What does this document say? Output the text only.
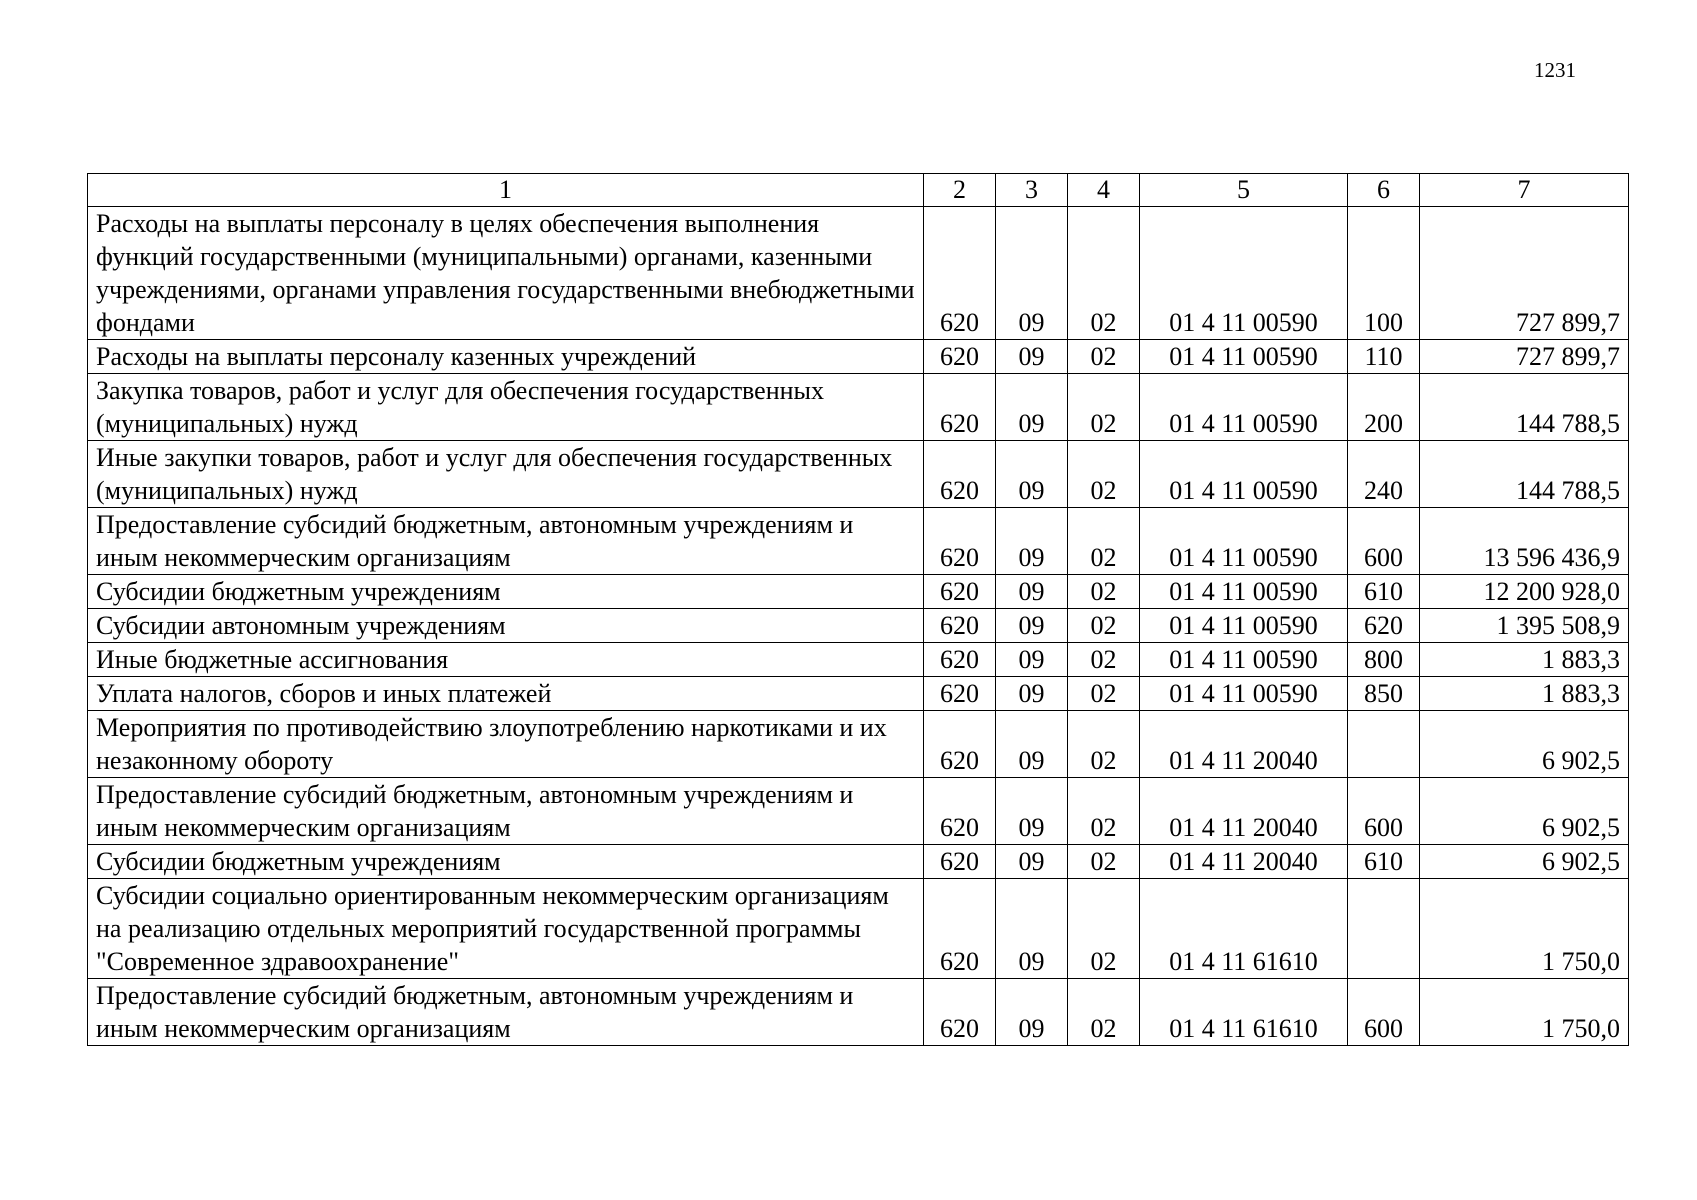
1231
1	2	3	4	5	6	7
Расходы на выплаты персоналу в целях обеспечения выполнения функций государственными (муниципальными) органами, казенными учреждениями, органами управления государственными внебюджетными фондами	620	09	02	01 4 11 00590	100	727 899,7
Расходы на выплаты персоналу казенных учреждений	620	09	02	01 4 11 00590	110	727 899,7
Закупка товаров, работ и услуг для обеспечения государственных (муниципальных) нужд	620	09	02	01 4 11 00590	200	144 788,5
Иные закупки товаров, работ и услуг для обеспечения государственных (муниципальных) нужд	620	09	02	01 4 11 00590	240	144 788,5
Предоставление субсидий бюджетным, автономным учреждениям и иным некоммерческим организациям	620	09	02	01 4 11 00590	600	13 596 436,9
Субсидии бюджетным учреждениям	620	09	02	01 4 11 00590	610	12 200 928,0
Субсидии автономным учреждениям	620	09	02	01 4 11 00590	620	1 395 508,9
Иные бюджетные ассигнования	620	09	02	01 4 11 00590	800	1 883,3
Уплата налогов, сборов и иных платежей	620	09	02	01 4 11 00590	850	1 883,3
Мероприятия по противодействию злоупотреблению наркотиками и их незаконному обороту	620	09	02	01 4 11 20040		6 902,5
Предоставление субсидий бюджетным, автономным учреждениям и иным некоммерческим организациям	620	09	02	01 4 11 20040	600	6 902,5
Субсидии бюджетным учреждениям	620	09	02	01 4 11 20040	610	6 902,5
Субсидии социально ориентированным некоммерческим организациям на реализацию отдельных мероприятий государственной программы "Современное здравоохранение"	620	09	02	01 4 11 61610		1 750,0
Предоставление субсидий бюджетным, автономным учреждениям и иным некоммерческим организациям	620	09	02	01 4 11 61610	600	1 750,0
